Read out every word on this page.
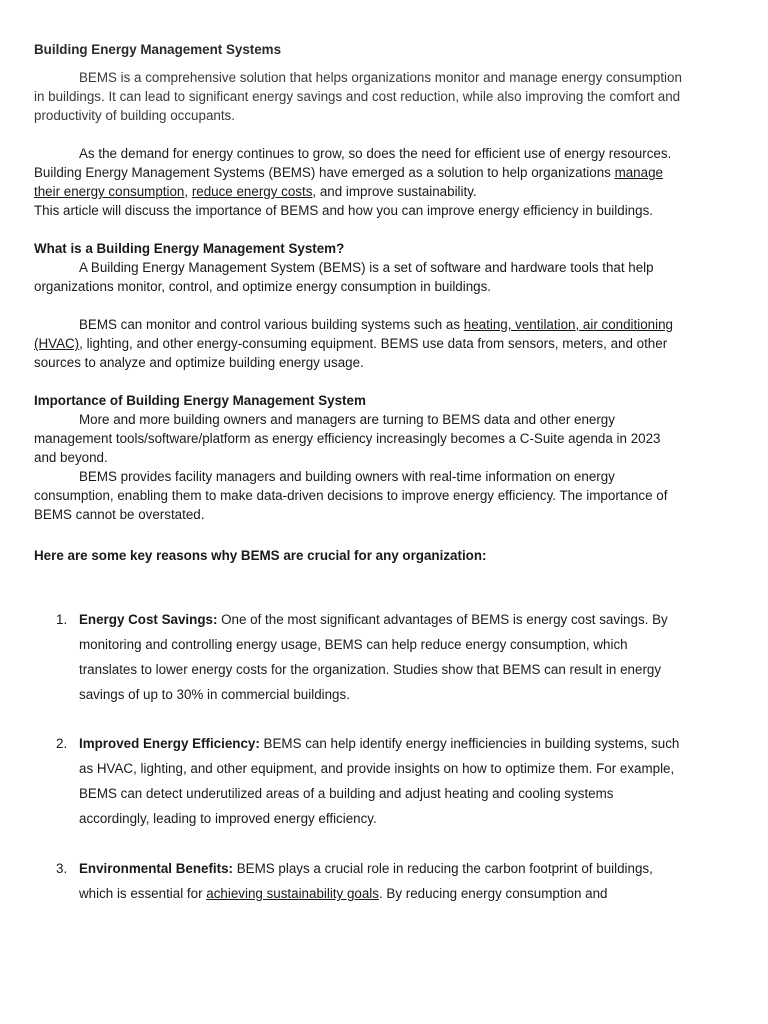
Building Energy Management Systems

BEMS is a comprehensive solution that helps organizations monitor and manage energy consumption in buildings. It can lead to significant energy savings and cost reduction, while also improving the comfort and productivity of building occupants.

As the demand for energy continues to grow, so does the need for efficient use of energy resources. Building Energy Management Systems (BEMS) have emerged as a solution to help organizations manage their energy consumption, reduce energy costs, and improve sustainability.

This article will discuss the importance of BEMS and how you can improve energy efficiency in buildings.

What is a Building Energy Management System?

A Building Energy Management System (BEMS) is a set of software and hardware tools that help organizations monitor, control, and optimize energy consumption in buildings.

BEMS can monitor and control various building systems such as heating, ventilation, air conditioning (HVAC), lighting, and other energy-consuming equipment. BEMS use data from sensors, meters, and other sources to analyze and optimize building energy usage.

Importance of Building Energy Management System

More and more building owners and managers are turning to BEMS data and other energy management tools/software/platform as energy efficiency increasingly becomes a C-Suite agenda in 2023 and beyond.

BEMS provides facility managers and building owners with real-time information on energy consumption, enabling them to make data-driven decisions to improve energy efficiency. The importance of BEMS cannot be overstated.

Here are some key reasons why BEMS are crucial for any organization:

1. Energy Cost Savings: One of the most significant advantages of BEMS is energy cost savings. By monitoring and controlling energy usage, BEMS can help reduce energy consumption, which translates to lower energy costs for the organization. Studies show that BEMS can result in energy savings of up to 30% in commercial buildings.
2. Improved Energy Efficiency: BEMS can help identify energy inefficiencies in building systems, such as HVAC, lighting, and other equipment, and provide insights on how to optimize them. For example, BEMS can detect underutilized areas of a building and adjust heating and cooling systems accordingly, leading to improved energy efficiency.
3. Environmental Benefits: BEMS plays a crucial role in reducing the carbon footprint of buildings, which is essential for achieving sustainability goals. By reducing energy consumption and
